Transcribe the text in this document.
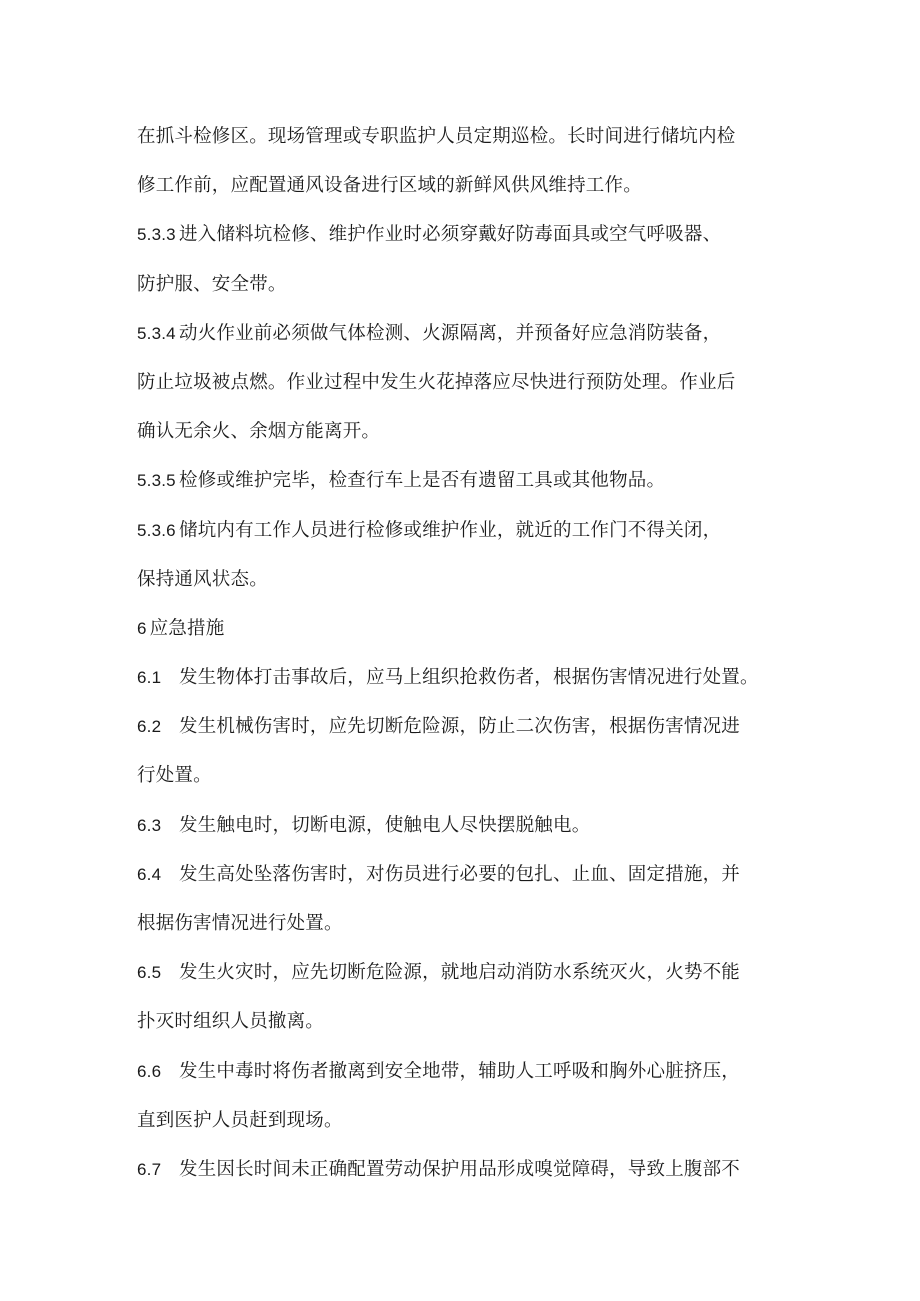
在抓斗检修区。现场管理或专职监护人员定期巡检。长时间进行储坑内检
修工作前，应配置通风设备进行区域的新鲜风供风维持工作。
5.3.3 进入储料坑检修、维护作业时必须穿戴好防毒面具或空气呼吸器、
防护服、安全带。
5.3.4 动火作业前必须做气体检测、火源隔离，并预备好应急消防装备，
防止垃圾被点燃。作业过程中发生火花掉落应尽快进行预防处理。作业后
确认无余火、余烟方能离开。
5.3.5 检修或维护完毕，检查行车上是否有遗留工具或其他物品。
5.3.6 储坑内有工作人员进行检修或维护作业，就近的工作门不得关闭，
保持通风状态。
6 应急措施
6.1 发生物体打击事故后，应马上组织抢救伤者，根据伤害情况进行处置。
6.2 发生机械伤害时，应先切断危险源，防止二次伤害，根据伤害情况进
行处置。
6.3 发生触电时，切断电源，使触电人尽快摆脱触电。
6.4 发生高处坠落伤害时，对伤员进行必要的包扎、止血、固定措施，并
根据伤害情况进行处置。
6.5 发生火灾时，应先切断危险源，就地启动消防水系统灭火，火势不能
扑灭时组织人员撤离。
6.6 发生中毒时将伤者撤离到安全地带，辅助人工呼吸和胸外心脏挤压，
直到医护人员赶到现场。
6.7 发生因长时间未正确配置劳动保护用品形成嗅觉障碍，导致上腹部不
